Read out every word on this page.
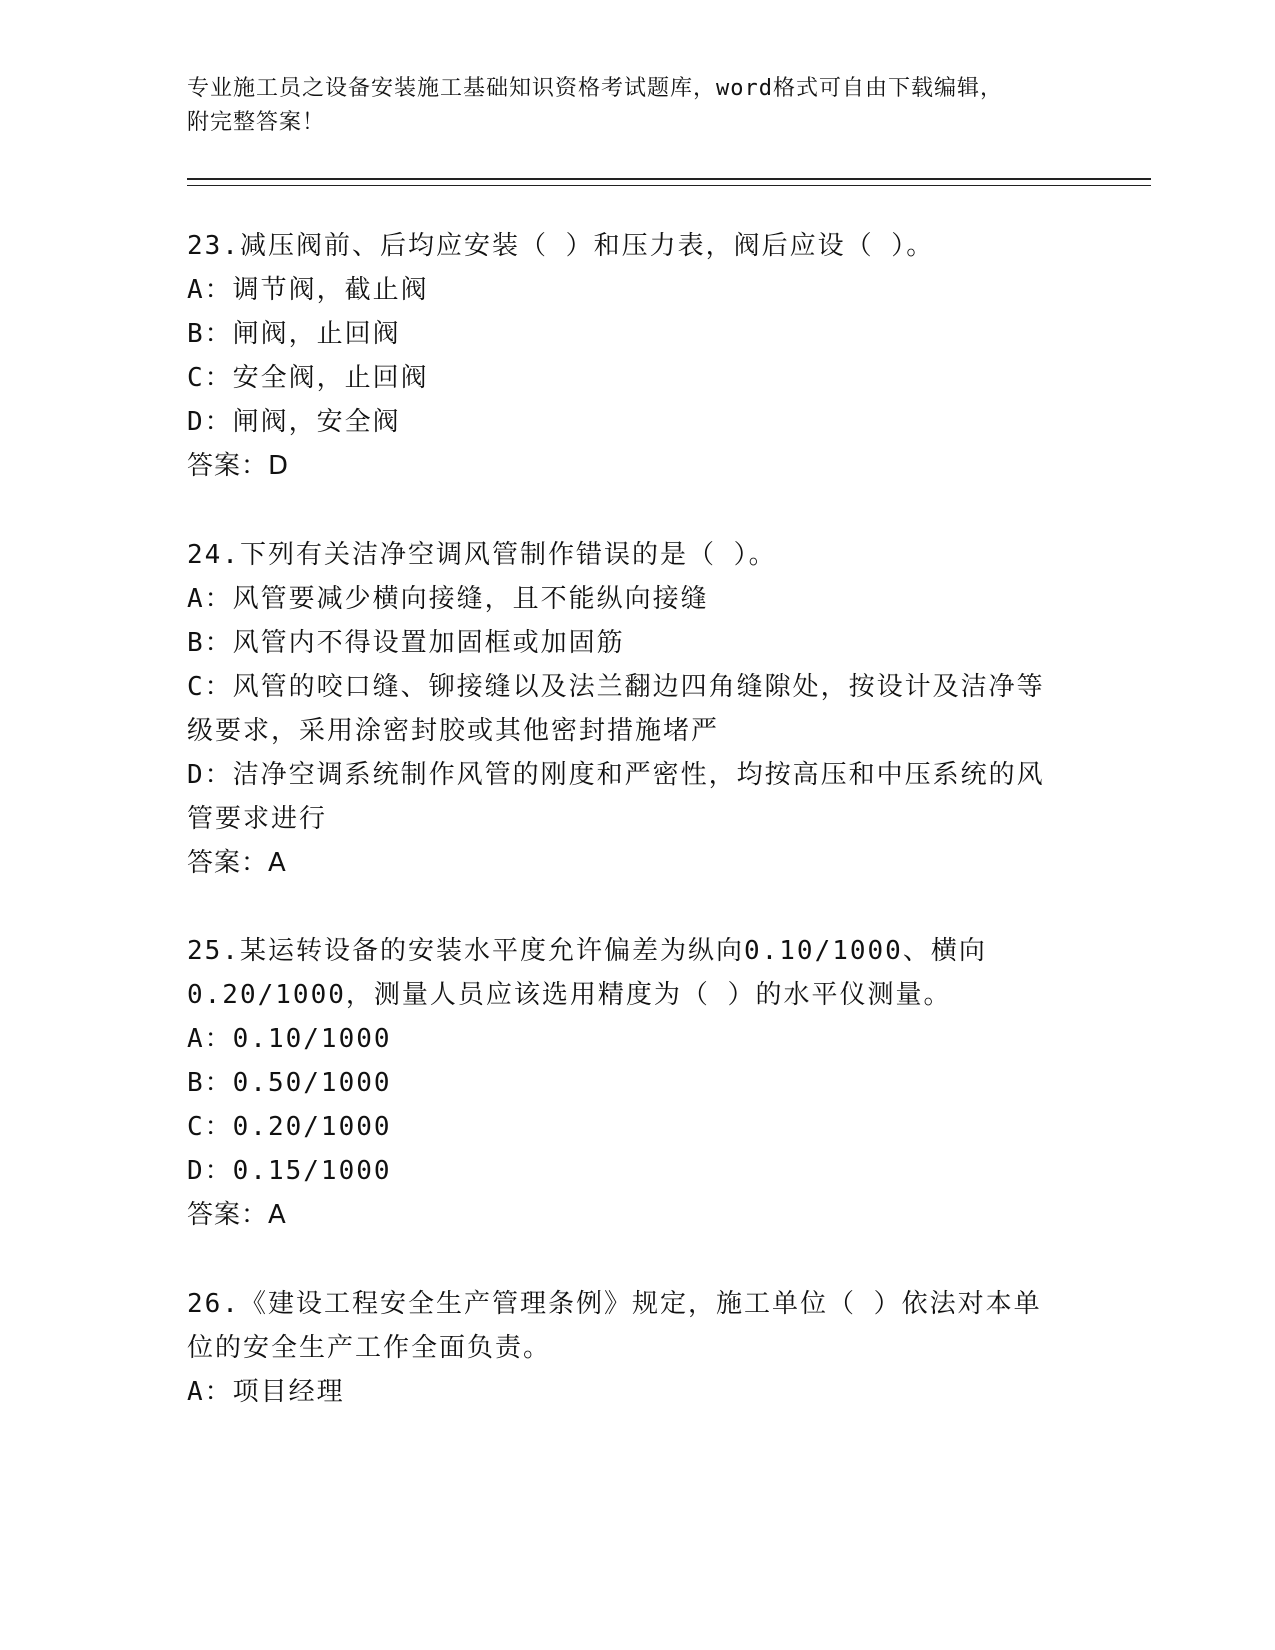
专业施工员之设备安装施工基础知识资格考试题库，word格式可自由下载编辑，
附完整答案！
23.减压阀前、后均应安装（ ）和压力表，阀后应设（ ）。
A：调节阀，截止阀
B：闸阀，止回阀
C：安全阀，止回阀
D：闸阀，安全阀
答案：D
24.下列有关洁净空调风管制作错误的是（ ）。
A：风管要减少横向接缝，且不能纵向接缝
B：风管内不得设置加固框或加固筋
C：风管的咬口缝、铆接缝以及法兰翻边四角缝隙处，按设计及洁净等
级要求，采用涂密封胶或其他密封措施堵严
D：洁净空调系统制作风管的刚度和严密性，均按高压和中压系统的风
管要求进行
答案：A
25.某运转设备的安装水平度允许偏差为纵向0.10/1000、横向
0.20/1000，测量人员应该选用精度为（ ）的水平仪测量。
A：0.10/1000
B：0.50/1000
C：0.20/1000
D：0.15/1000
答案：A
26.《建设工程安全生产管理条例》规定，施工单位（ ）依法对本单
位的安全生产工作全面负责。
A：项目经理
